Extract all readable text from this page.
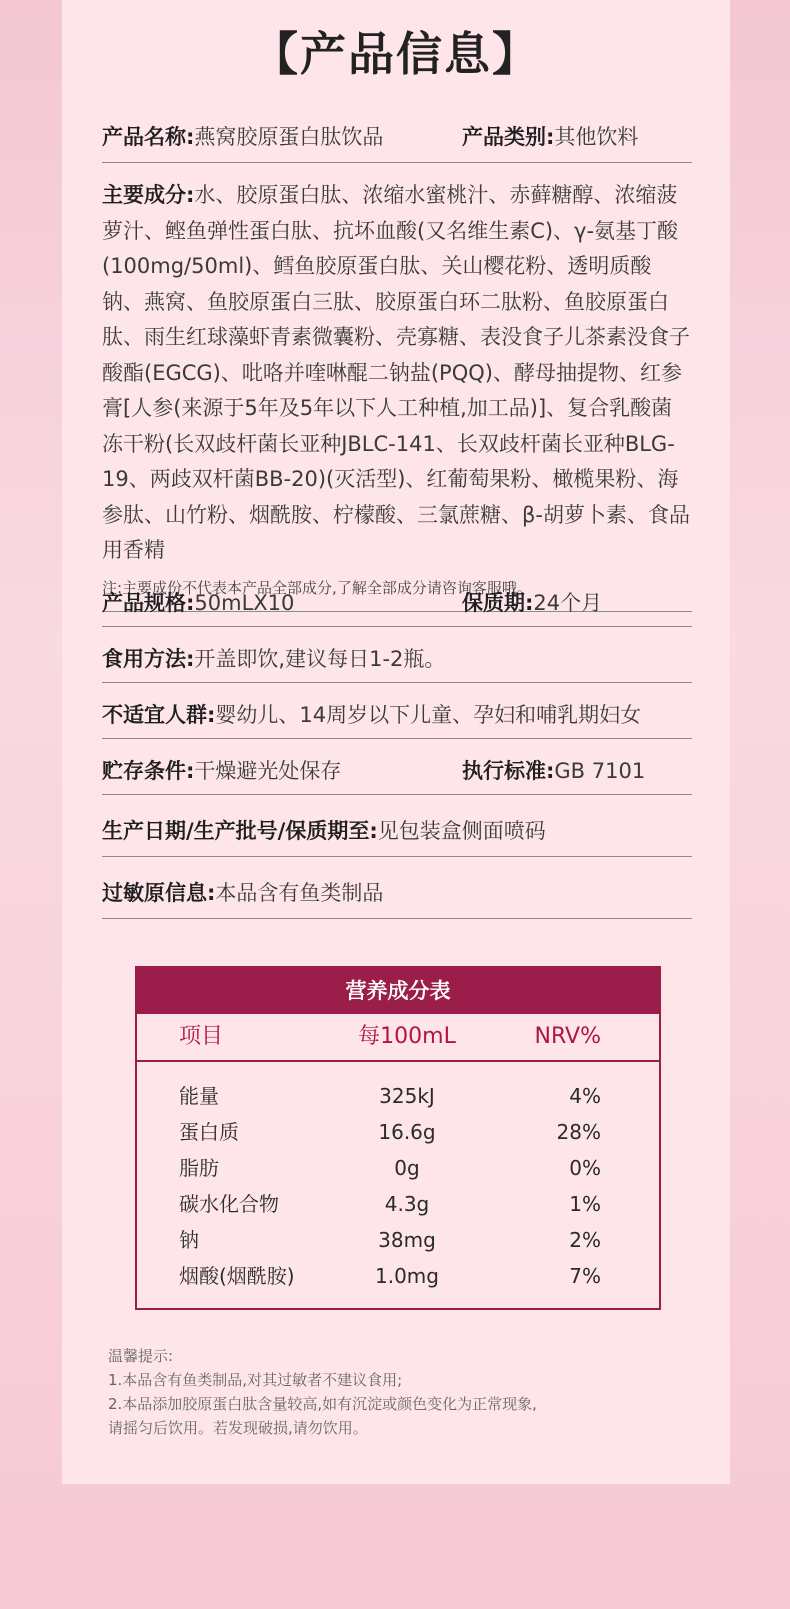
【产品信息】
产品名称:燕窝胶原蛋白肽饮品	产品类别:其他饮料
主要成分:水、胶原蛋白肽、浓缩水蜜桃汁、赤藓糖醇、浓缩菠萝汁、鲣鱼弹性蛋白肽、抗坏血酸(又名维生素C)、γ-氨基丁酸(100mg/50ml)、鳕鱼胶原蛋白肽、关山樱花粉、透明质酸钠、燕窝、鱼胶原蛋白三肽、胶原蛋白环二肽粉、鱼胶原蛋白肽、雨生红球藻虾青素微囊粉、壳寡糖、表没食子儿茶素没食子酸酯(EGCG)、吡咯并喹啉醌二钠盐(PQQ)、酵母抽提物、红参膏[人参(来源于5年及5年以下人工种植,加工品)]、复合乳酸菌冻干粉(长双歧杆菌长亚种JBLC-141、长双歧杆菌长亚种BLG-19、两歧双杆菌BB-20)(灭活型)、红葡萄果粉、橄榄果粉、海参肽、山竹粉、烟酰胺、柠檬酸、三氯蔗糖、β-胡萝卜素、食品用香精
注:主要成份不代表本产品全部成分,了解全部成分请咨询客服哦。
产品规格:50mLX10	保质期:24个月
食用方法:开盖即饮,建议每日1-2瓶。
不适宜人群:婴幼儿、14周岁以下儿童、孕妇和哺乳期妇女
贮存条件:干燥避光处保存	执行标准:GB 7101
生产日期/生产批号/保质期至:见包装盒侧面喷码
过敏原信息:本品含有鱼类制品
营养成分表
项目	每100mL	NRV%
能量	325kJ	4%
蛋白质	16.6g	28%
脂肪	0g	0%
碳水化合物	4.3g	1%
钠	38mg	2%
烟酸(烟酰胺)	1.0mg	7%
温馨提示:
1.本品含有鱼类制品,对其过敏者不建议食用;
2.本品添加胶原蛋白肽含量较高,如有沉淀或颜色变化为正常现象,
请摇匀后饮用。若发现破损,请勿饮用。
